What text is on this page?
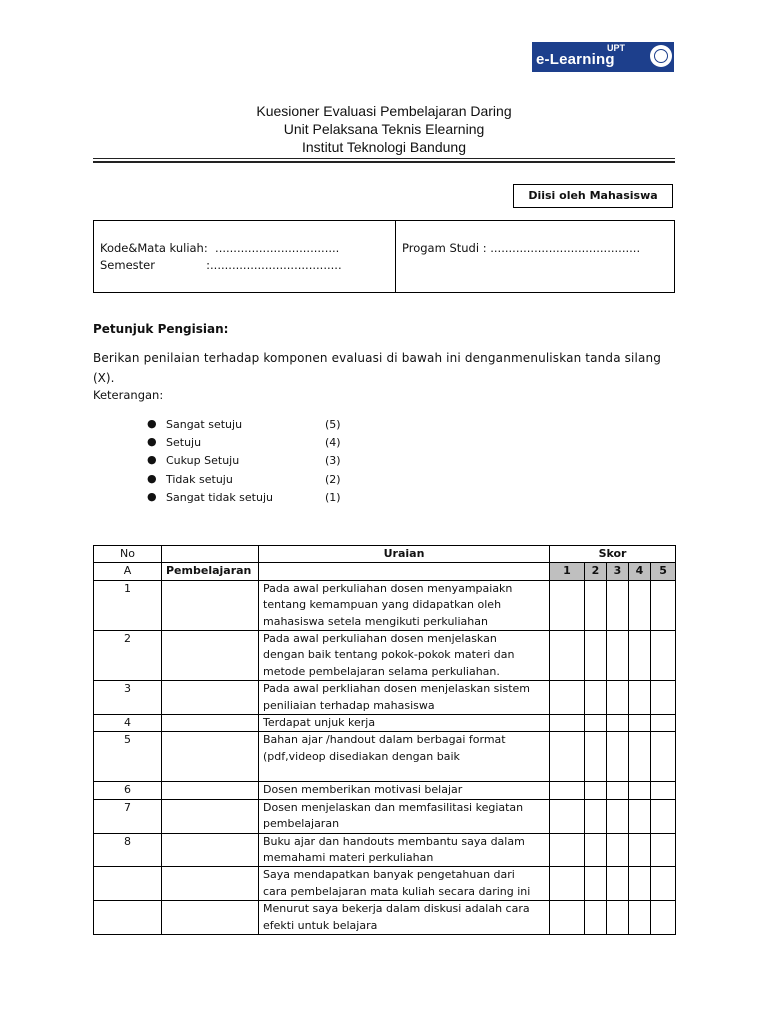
UPT
e-Learning
Kuesioner Evaluasi Pembelajaran Daring
Unit Pelaksana Teknis Elearning
Institut Teknologi Bandung
Diisi oleh Mahasiswa
Kode&Mata kuliah:  ..................................
Semester              :....................................
Progam Studi : .........................................
Petunjuk Pengisian:
Berikan penilaian terhadap komponen evaluasi di bawah ini denganmenuliskan tanda silang
(X).
Keterangan:
● Sangat setuju	(5)
● Setuju	(4)
● Cukup Setuju	(3)
● Tidak setuju	(2)
● Sangat tidak setuju	(1)
No		Uraian	Skor				
A	Pembelajaran		1	2	3	4	5
1		Pada awal perkuliahan dosen menyampaiakn
tentang kemampuan yang didapatkan oleh
mahasiswa setela mengikuti perkuliahan					

2		Pada awal perkuliahan dosen menjelaskan
dengan baik tentang pokok-pokok materi dan
metode pembelajaran selama perkuliahan.					

3		Pada awal perkliahan dosen menjelaskan sistem
peniliaian terhadap mahasiswa					

4		Terdapat unjuk kerja					

5		Bahan ajar /handout dalam berbagai format
(pdf,videop disediakan dengan baik					

6		Dosen memberikan motivasi belajar					

7		Dosen menjelaskan dan memfasilitasi kegiatan
pembelajaran					

8		Buku ajar dan handouts membantu saya dalam
memahami materi perkuliahan					

		Saya mendapatkan banyak pengetahuan dari
cara pembelajaran mata kuliah secara daring ini					

		Menurut saya bekerja dalam diskusi adalah cara
efekti untuk belajara					
